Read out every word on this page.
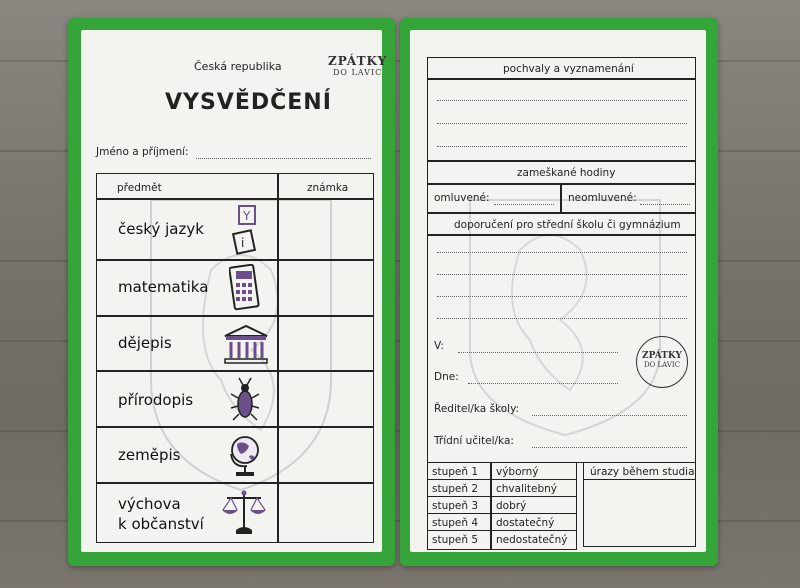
Česká republika
VYSVĚDČENÍ
ZPÁTKY
DO LAVIC
Jméno a příjmení:
předmět	známka
český jazyk
matematika
dějepis
přírodopis
zeměpis
výchova
k občanství
Y
i
pochvaly a vyznamenání
zameškané hodiny
omluvené:	neomluvené:
doporučení pro střední školu či gymnázium
V:
Dne:
Ředitel/ka školy:
Třídní učitel/ka:
ZPÁTKY
DO LAVIC
stupeň 1 výborný
stupeň 2 chvalitebný
stupeň 3 dobrý
stupeň 4 dostatečný
stupeň 5 nedostatečný
úrazy během studia
